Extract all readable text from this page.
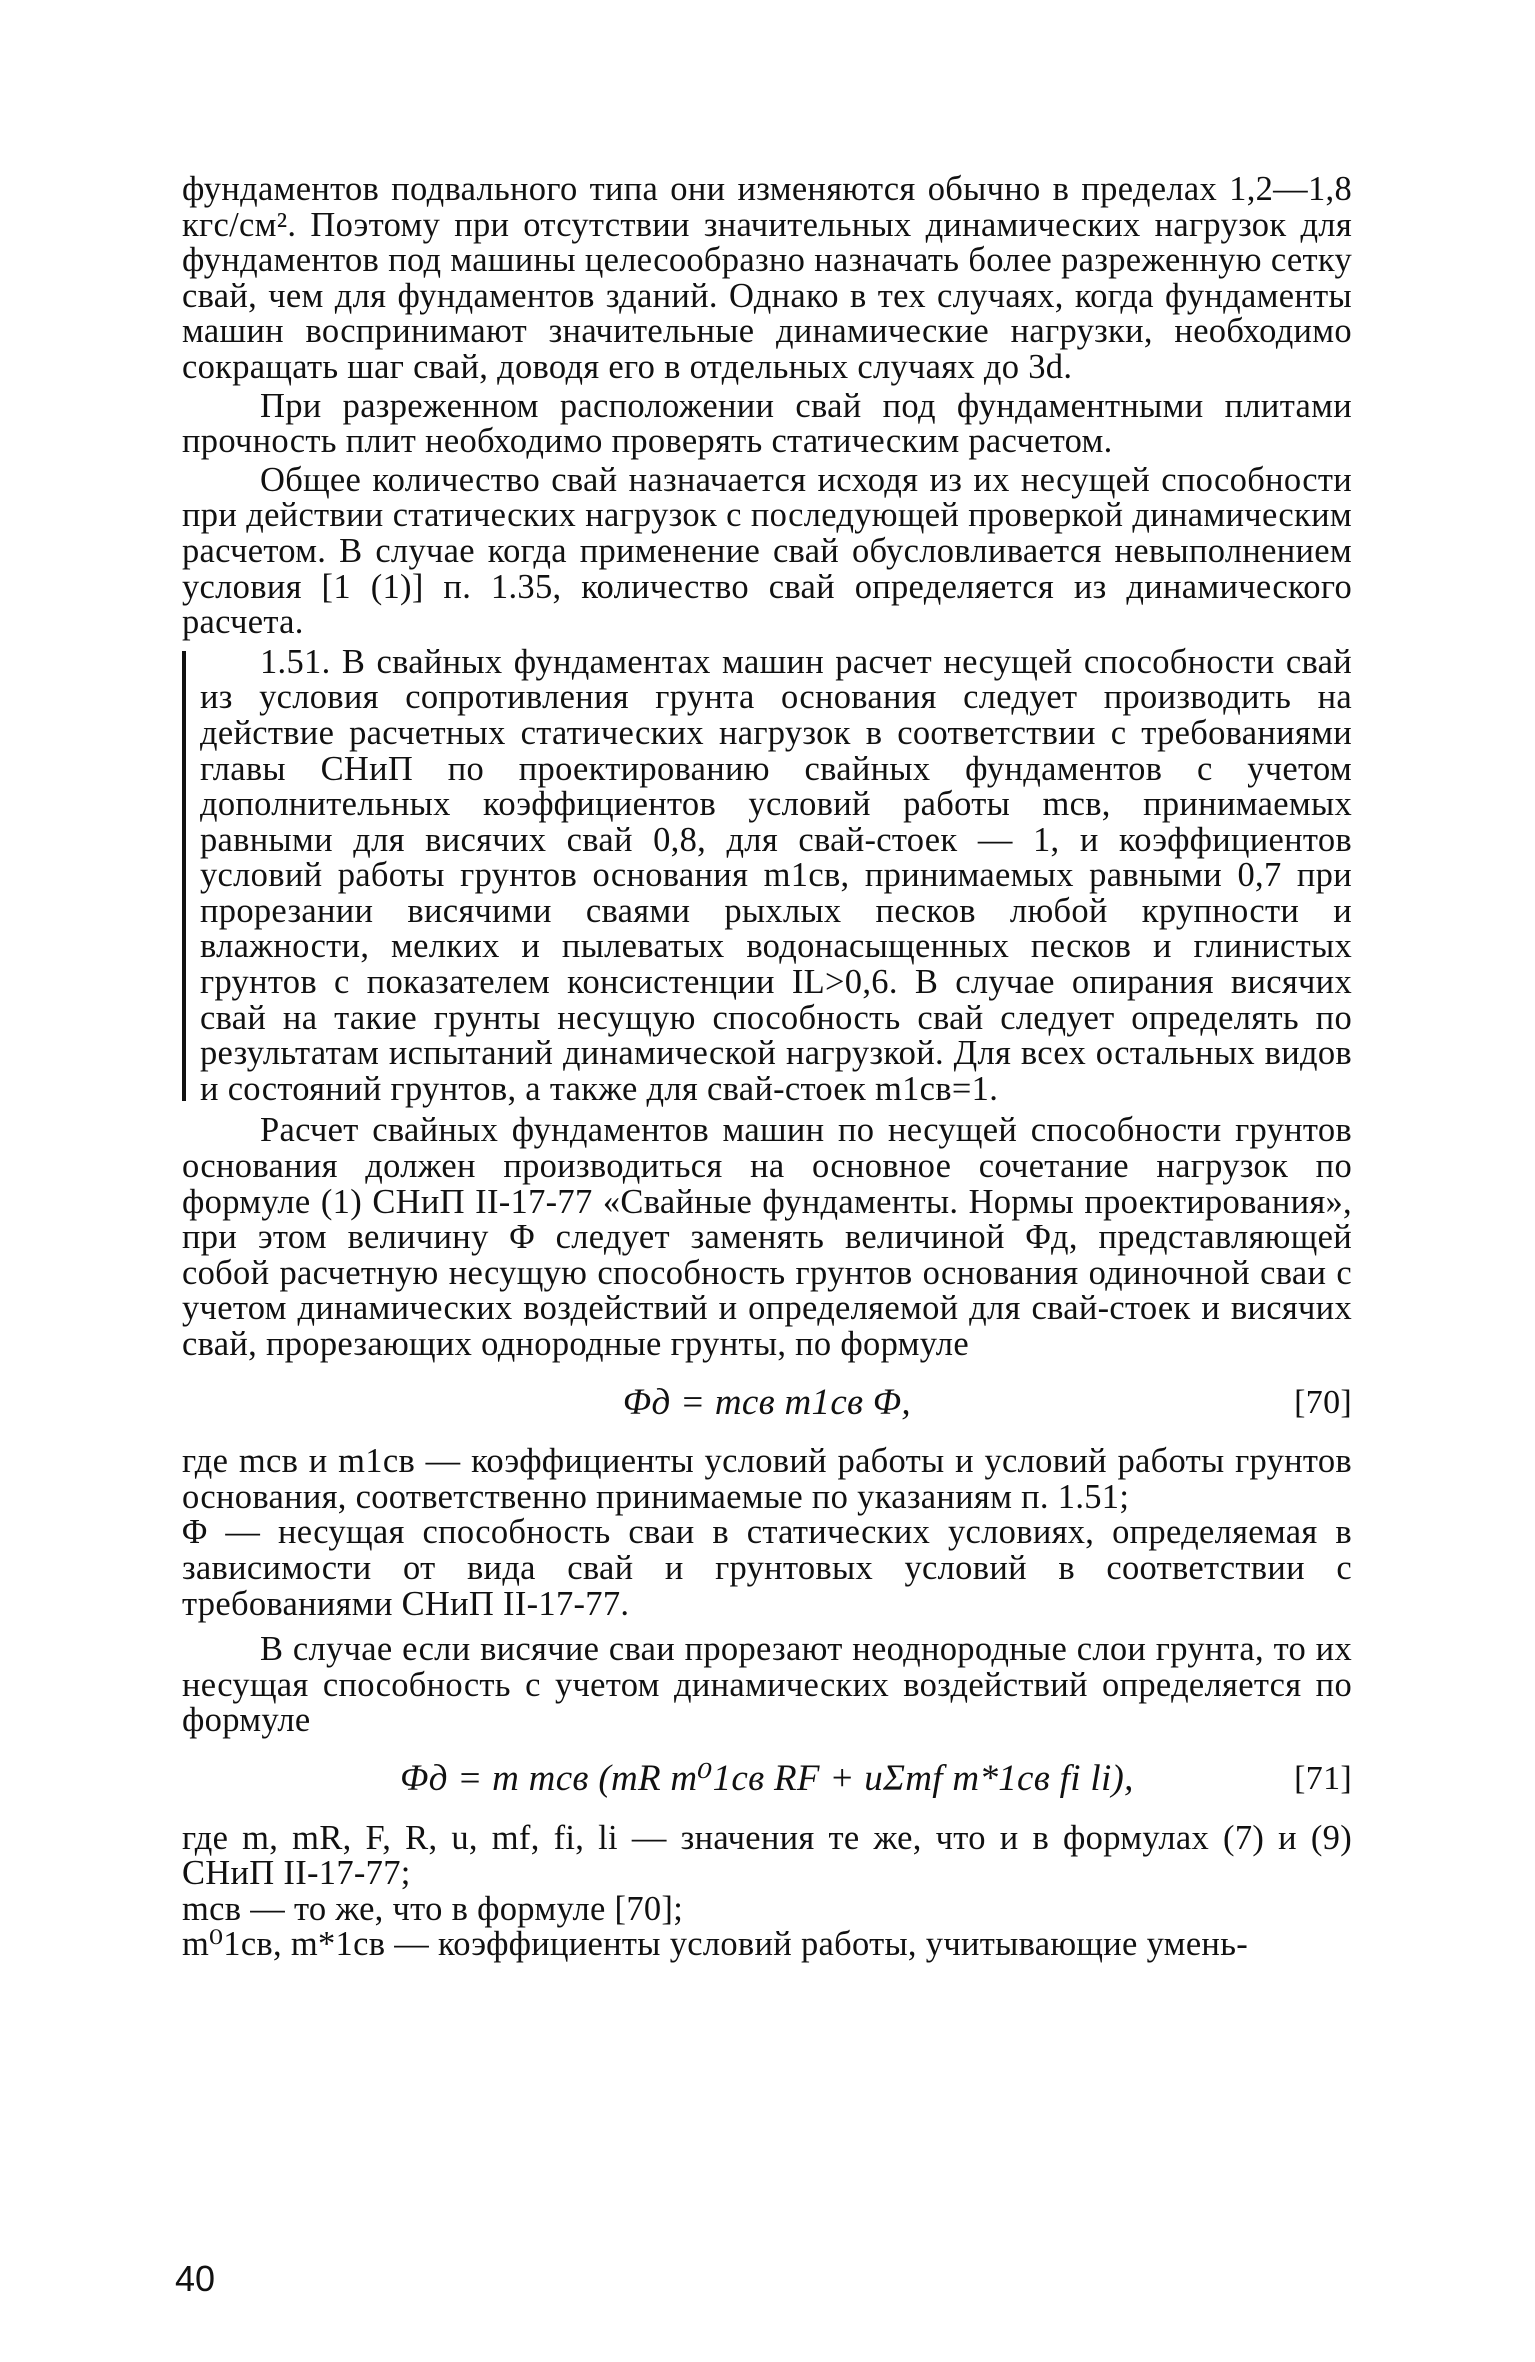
фундаментов подвального типа они изменяются обычно в пределах 1,2—1,8 кгс/см². Поэтому при отсутствии значительных динамических нагрузок для фундаментов под машины целесообразно назначать более разреженную сетку свай, чем для фундаментов зданий. Однако в тех случаях, когда фундаменты машин воспринимают значительные динамические нагрузки, необходимо сокращать шаг свай, доводя его в отдельных случаях до 3d.

При разреженном расположении свай под фундаментными плитами прочность плит необходимо проверять статическим расчетом.

Общее количество свай назначается исходя из их несущей способности при действии статических нагрузок с последующей проверкой динамическим расчетом. В случае когда применение свай обусловливается невыполнением условия [1 (1)] п. 1.35, количество свай определяется из динамического расчета.

1.51. В свайных фундаментах машин расчет несущей способности свай из условия сопротивления грунта основания следует производить на действие расчетных статических нагрузок в соответствии с требованиями главы СНиП по проектированию свайных фундаментов с учетом дополнительных коэффициентов условий работы mсв, принимаемых равными для висячих свай 0,8, для свай-стоек — 1, и коэффициентов условий работы грунтов основания m1св, принимаемых равными 0,7 при прорезании висячими сваями рыхлых песков любой крупности и влажности, мелких и пылеватых водонасыщенных песков и глинистых грунтов с показателем консистенции IL>0,6. В случае опирания висячих свай на такие грунты несущую способность свай следует определять по результатам испытаний динамической нагрузкой. Для всех остальных видов и состояний грунтов, а также для свай-стоек m1св=1.

Расчет свайных фундаментов машин по несущей способности грунтов основания должен производиться на основное сочетание нагрузок по формуле (1) СНиП II-17-77 «Свайные фундаменты. Нормы проектирования», при этом величину Φ следует заменять величиной Φд, представляющей собой расчетную несущую способность грунтов основания одиночной сваи с учетом динамических воздействий и определяемой для свай-стоек и висячих свай, прорезающих однородные грунты, по формуле

Φд = mсв m1св Φ,	[70]

где mсв и m1св — коэффициенты условий работы и условий работы грунтов основания, соответственно принимаемые по указаниям п. 1.51;

Φ — несущая способность сваи в статических условиях, определяемая в зависимости от вида свай и грунтовых условий в соответствии с требованиями СНиП II-17-77.

В случае если висячие сваи прорезают неоднородные слои грунта, то их несущая способность с учетом динамических воздействий определяется по формуле

Φд = m mсв (mR m⁰1св RF + uΣmf m*1св fi li),	[71]

где m, mR, F, R, u, mf, fi, li — значения те же, что и в формулах (7) и (9) СНиП II-17-77;

mсв — то же, что в формуле [70];

m⁰1св, m*1св — коэффициенты условий работы, учитывающие умень-

40
